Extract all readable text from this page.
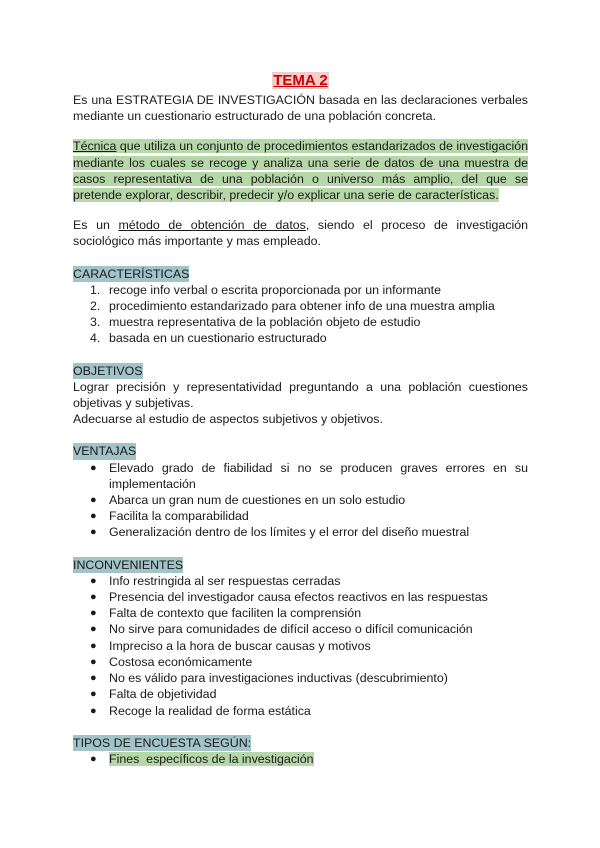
TEMA 2

Es una ESTRATEGIA DE INVESTIGACIÓN basada en las declaraciones verbales mediante un cuestionario estructurado de una población concreta.

Técnica que utiliza un conjunto de procedimientos estandarizados de investigación mediante los cuales se recoge y analiza una serie de datos de una muestra de casos representativa de una población o universo más amplio, del que se pretende explorar, describir, predecir y/o explicar una serie de características.

Es un método de obtención de datos, siendo el proceso de investigación sociológico más importante y mas empleado.

CARACTERÍSTICAS
1. recoge info verbal o escrita proporcionada por un informante
2. procedimiento estandarizado para obtener info de una muestra amplia
3. muestra representativa de la población objeto de estudio
4. basada en un cuestionario estructurado
OBJETIVOS

Lograr precisión y representatividad preguntando a una población cuestiones objetivas y subjetivas.

Adecuarse al estudio de aspectos subjetivos y objetivos.

VENTAJAS
● Elevado grado de fiabilidad si no se producen graves errores en su implementación
● Abarca un gran num de cuestiones en un solo estudio
● Facilita la comparabilidad
● Generalización dentro de los límites y el error del diseño muestral
INCONVENIENTES
● Info restringida al ser respuestas cerradas
● Presencia del investigador causa efectos reactivos en las respuestas
● Falta de contexto que faciliten la comprensión
● No sirve para comunidades de difícil acceso o difícil comunicación
● Impreciso a la hora de buscar causas y motivos
● Costosa económicamente
● No es válido para investigaciones inductivas (descubrimiento)
● Falta de objetividad
● Recoge la realidad de forma estática
TIPOS DE ENCUESTA SEGÚN:
● Fines  específicos de la investigación
